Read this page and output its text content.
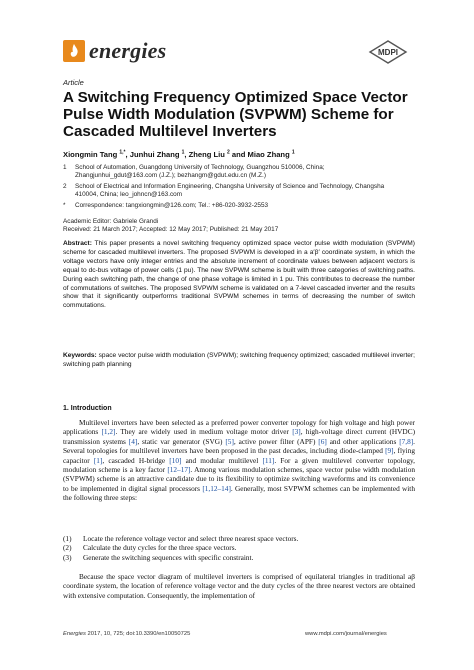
energies	MDPI
Article
A Switching Frequency Optimized Space Vector Pulse Width Modulation (SVPWM) Scheme for Cascaded Multilevel Inverters
Xiongmin Tang $^{1,*}$, Junhui Zhang $^1$, Zheng Liu $^2$ and Miao Zhang $^1$
1 School of Automation, Guangdong University of Technology, Guangzhou 510006, China; Zhangjunhui_gdut@163.com (J.Z.); bezhangm@gdut.edu.cn (M.Z.)
2 School of Electrical and Information Engineering, Changsha University of Science and Technology, Changsha 410004, China; leo_johncn@163.com
* Correspondence: tangxiongmin@126.com; Tel.: +86-020-3932-2553
Academic Editor: Gabriele Grandi
Received: 21 March 2017; Accepted: 12 May 2017; Published: 21 May 2017
Abstract: This paper presents a novel switching frequency optimized space vector pulse width modulation (SVPWM) scheme for cascaded multilevel inverters. The proposed SVPWM is developed in a a′β′ coordinate system, in which the voltage vectors have only integer entries and the absolute increment of coordinate values between adjacent vectors is equal to dc-bus voltage of power cells (1 pu). The new SVPWM scheme is built with three categories of switching paths. During each switching path, the change of one phase voltage is limited in 1 pu. This contributes to decrease the number of commutations of switches. The proposed SVPWM scheme is validated on a 7-level cascaded inverter and the results show that it significantly outperforms traditional SVPWM schemes in terms of decreasing the number of switch commutations.
Keywords: space vector pulse width modulation (SVPWM); switching frequency optimized; cascaded multilevel inverter; switching path planning
1. Introduction
Multilevel inverters have been selected as a preferred power converter topology for high voltage and high power applications [1,2]. They are widely used in medium voltage motor driver [3], high-voltage direct current (HVDC) transmission systems [4], static var generator (SVG) [5], active power filter (APF) [6] and other applications [7,8]. Several topologies for multilevel inverters have been proposed in the past decades, including diode-clamped [9], flying capacitor [1], cascaded H-bridge [10] and modular multilevel [11]. For a given multilevel converter topology, modulation scheme is a key factor [12–17]. Among various modulation schemes, space vector pulse width modulation (SVPWM) scheme is an attractive candidate due to its flexibility to optimize switching waveforms and its convenience to be implemented in digital signal processors [1,12–14]. Generally, most SVPWM schemes can be implemented with the following three steps:
(1)	Locate the reference voltage vector and select three nearest space vectors.
(2)	Calculate the duty cycles for the three space vectors.
(3)	Generate the switching sequences with specific constraint.
Because the space vector diagram of multilevel inverters is comprised of equilateral triangles in traditional aβ coordinate system, the location of reference voltage vector and the duty cycles of the three nearest vectors are obtained with extensive computation. Consequently, the implementation of
Energies 2017, 10, 725; doi:10.3390/en10050725	www.mdpi.com/journal/energies
